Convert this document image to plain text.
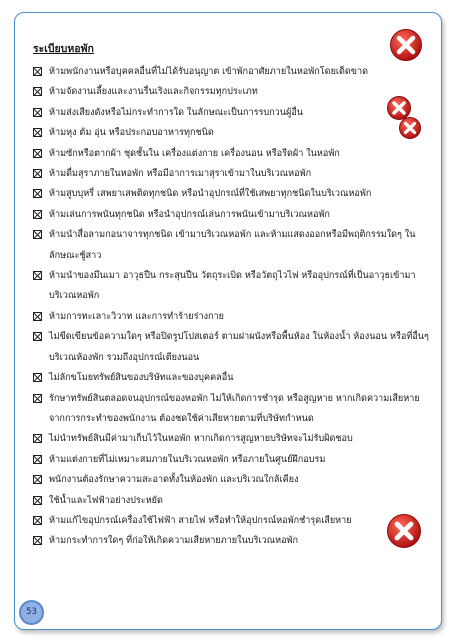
ระเบียบหอพัก
ห้ามพนักงานหรือบุคคลอื่นที่ไม่ได้รับอนุญาต เข้าพักอาศัยภายในหอพักโดยเด็ดขาด
ห้ามจัดงานเลี้ยงและงานรื่นเริงและกิจกรรมทุกประเภท
ห้ามส่งเสียงดังหรือไม่กระทำการใด ในลักษณะเป็นการรบกวนผู้อื่น
ห้ามหุง ต้ม อุ่น หรือประกอบอาหารทุกชนิด
ห้ามซักหรือตากผ้า ชุดชั้นใน เครื่องแต่งกาย เครื่องนอน หรือรีดผ้า ในหอพัก
ห้ามดื่มสุราภายในหอพัก หรือมีอาการเมาสุราเข้ามาในบริเวณหอพัก
ห้ามสูบบุหรี่ เสพยาเสพติดทุกชนิด หรือนำอุปกรณ์ที่ใช้เสพยาทุกชนิดในบริเวณหอพัก
ห้ามเล่นการพนันทุกชนิด หรือนำอุปกรณ์เล่นการพนันเข้ามาบริเวณหอพัก
ห้ามนำสื่อลามกอนาจารทุกชนิด เข้ามาบริเวณหอพัก และห้ามแสดงออกหรือมีพฤติกรรมใดๆ ในลักษณะชู้สาว
ห้ามนำของมึนเมา อาวุธปืน กระสุนปืน วัตถุระเบิด หรือวัตถุไวไฟ หรืออุปกรณ์ที่เป็นอาวุธเข้ามาบริเวณหอพัก
ห้ามการทะเลาะวิวาท และการทำร้ายร่างกาย
ไม่ขีดเขียนข้อความใดๆ หรือปิดรูปโปสเตอร์ ตามฝาผนังหรือพื้นห้อง ในห้องน้ำ ห้องนอน หรือที่อื่นๆ บริเวณห้องพัก รวมถึงอุปกรณ์เตียงนอน
ไม่ลักขโมยทรัพย์สินของบริษัทและของบุคคลอื่น
รักษาทรัพย์สินตลอดจนอุปกรณ์ของหอพัก ไม่ให้เกิดการชำรุด หรือสูญหาย หากเกิดความเสียหายจากการกระทำของพนักงาน ต้องชดใช้ค่าเสียหายตามที่บริษัทกำหนด
ไม่นำทรัพย์สินมีค่ามาเก็บไว้ในหอพัก หากเกิดการสูญหายบริษัทจะไม่รับผิดชอบ
ห้ามแต่งกายที่ไม่เหมาะสมภายในบริเวณหอพัก หรือภายในศูนย์ฝึกอบรม
พนักงานต้องรักษาความสะอาดทั้งในห้องพัก และบริเวณใกล้เคียง
ใช้น้ำและไฟฟ้าอย่างประหยัด
ห้ามแก้ไขอุปกรณ์เครื่องใช้ไฟฟ้า สายไฟ หรือทำให้อุปกรณ์หอพักชำรุดเสียหาย
ห้ามกระทำการใดๆ ที่ก่อให้เกิดความเสียหายภายในบริเวณหอพัก
53
